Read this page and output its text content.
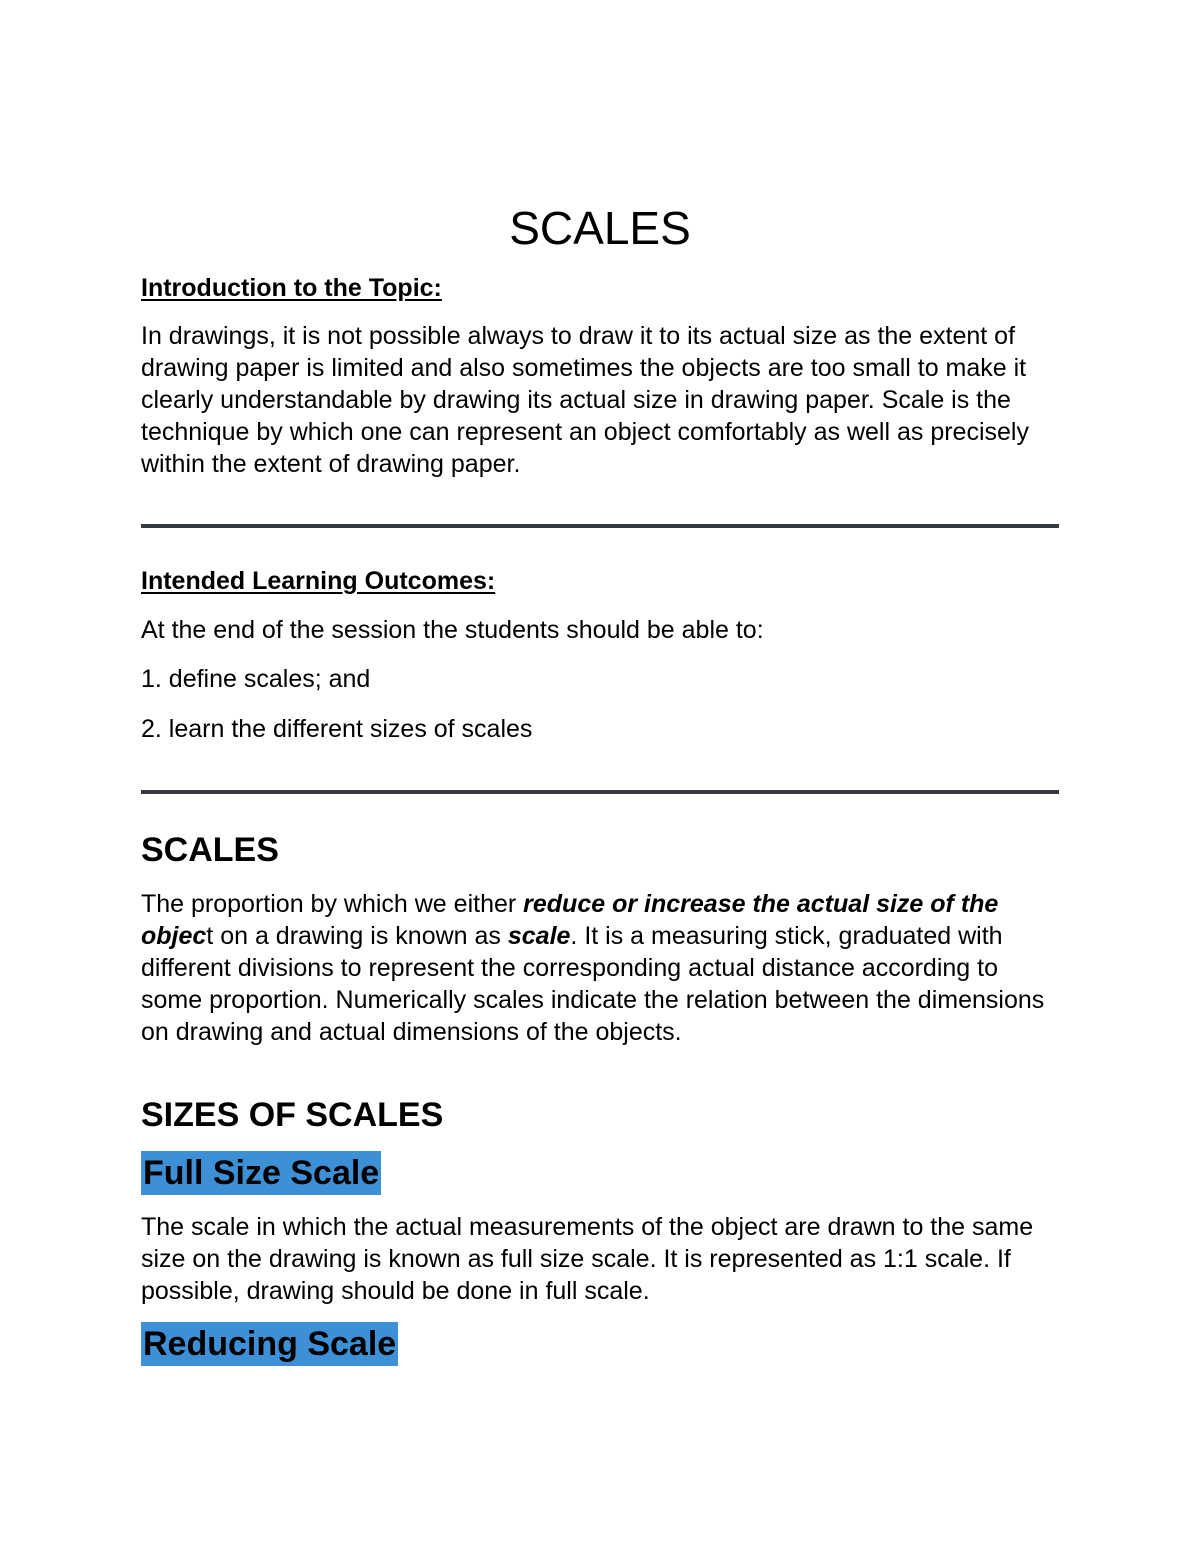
SCALES
Introduction to the Topic:

In drawings, it is not possible always to draw it to its actual size as the extent of drawing paper is limited and also sometimes the objects are too small to make it clearly understandable by drawing its actual size in drawing paper. Scale is the technique by which one can represent an object comfortably as well as precisely within the extent of drawing paper.

Intended Learning Outcomes:

At the end of the session the students should be able to:

1. define scales; and

2. learn the different sizes of scales

SCALES

The proportion by which we either reduce or increase the actual size of the object on a drawing is known as scale. It is a measuring stick, graduated with different divisions to represent the corresponding actual distance according to some proportion. Numerically scales indicate the relation between the dimensions on drawing and actual dimensions of the objects.

SIZES OF SCALES
Full Size Scale

The scale in which the actual measurements of the object are drawn to the same size on the drawing is known as full size scale. It is represented as 1:1 scale. If possible, drawing should be done in full scale.

Reducing Scale
